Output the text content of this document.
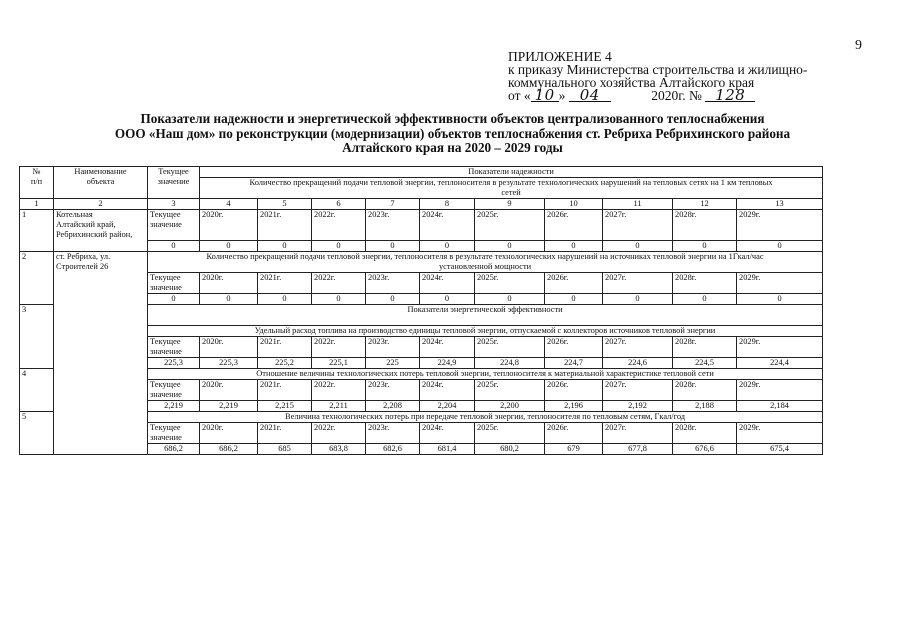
9
ПРИЛОЖЕНИЕ 4
к приказу Министерства строительства и жилищно-
коммунального хозяйства Алтайского края
от « 10 » 04	2020г. № 128
Показатели надежности и энергетической эффективности объектов централизованного теплоснабжения
ООО «Наш дом» по реконструкции (модернизации) объектов теплоснабжения ст. Ребриха Ребрихинского района
Алтайского края на 2020 – 2029 годы
№
п/п	Наименование
объекта	Текущее
значение	Показатели надежности									

			Количество прекращений подачи тепловой энергии, теплоносителя в результате технологических нарушений на тепловых сетях на 1 км тепловых
сетей									

1	2	3	4	5	6	7	8	9	10	11	12	13
1	Котельная
Алтайский край,
Ребрихинский район,	Текущее
значение	2020г.	2021г.	2022г.	2023г.	2024г.	2025г.	2026г.	2027г.	2028г.	2029г.
		0	0	0	0	0	0	0	0	0	0	0
2	ст. Ребриха, ул.
Строителей 26	Количество прекращений подачи тепловой энергии, теплоносителя в результате технологических нарушений на источниках тепловой энергии на 1Гкал/час
установленной мощности										

		Текущее
значение	2020г.	2021г.	2022г.	2023г.	2024г.	2025г.	2026г.	2027г.	2028г.	2029г.
		0	0	0	0	0	0	0	0	0	0	0
3		Показатели энергетической эффективности										
		Удельный расход топлива на производство единицы тепловой энергии, отпускаемой с коллекторов источников тепловой энергии										

		Текущее
значение	2020г.	2021г.	2022г.	2023г.	2024г.	2025г.	2026г.	2027г.	2028г.	2029г.
		225,3	225,3	225,2	225,1	225	224,9	224,8	224,7	224,6	224,5	224,4
4		Отношение величины технологических потерь тепловой энергии, теплоносителя к материальной характеристике тепловой сети										

		Текущее
значение	2020г.	2021г.	2022г.	2023г.	2024г.	2025г.	2026г.	2027г.	2028г.	2029г.
		2,219	2,219	2,215	2,211	2,208	2,204	2,200	2,196	2,192	2,188	2,184
5		Величина технологических потерь при передаче тепловой энергии, теплоносителя по тепловым сетям, Гкал/год										

		Текущее
значение	2020г.	2021г.	2022г.	2023г.	2024г.	2025г.	2026г.	2027г.	2028г.	2029г.
		686,2	686,2	685	683,8	682,6	681,4	680,2	679	677,8	676,6	675,4
